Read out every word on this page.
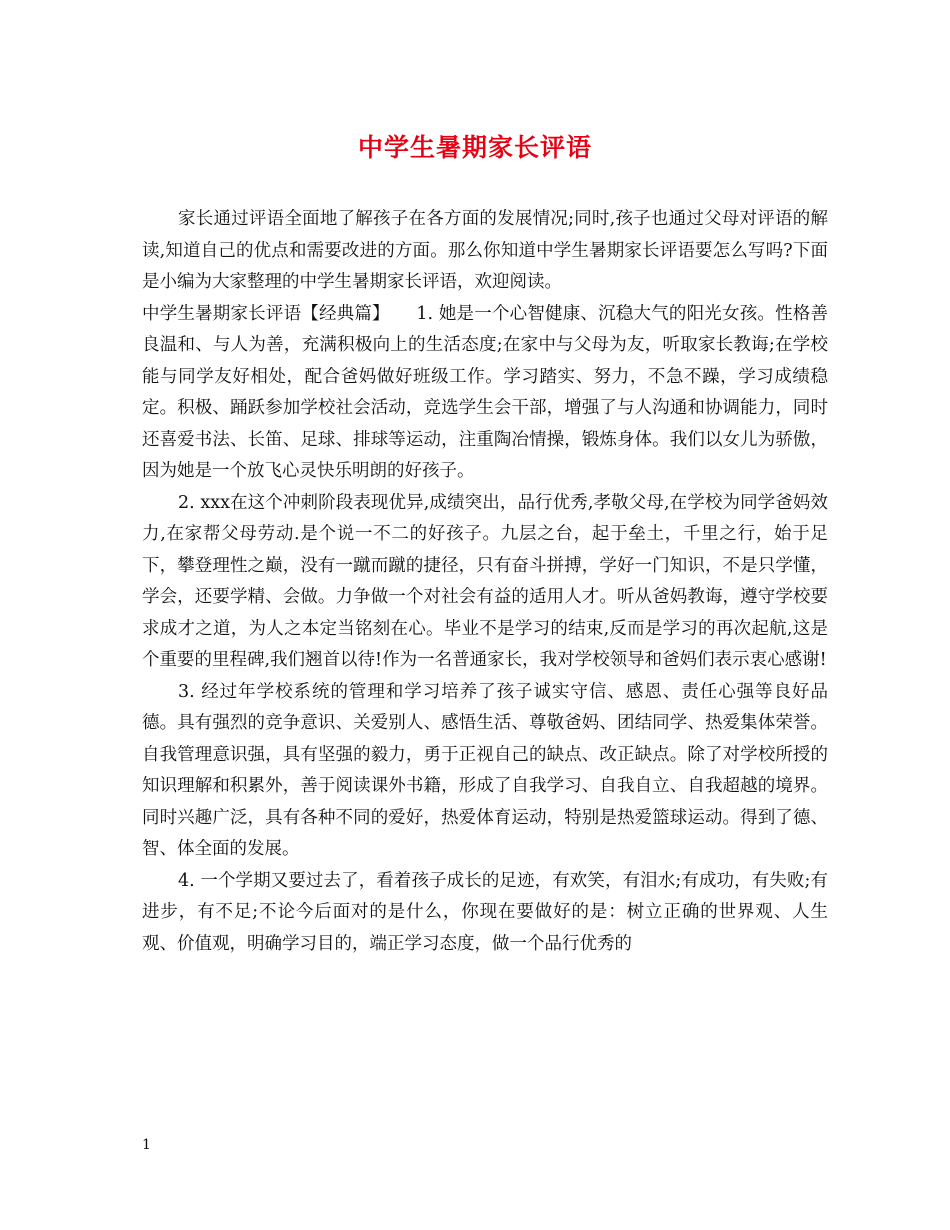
中学生暑期家长评语

家长通过评语全面地了解孩子在各方面的发展情况;同时,孩子也通过父母对评语的解读,知道自己的优点和需要改进的方面。那么你知道中学生暑期家长评语要怎么写吗?下面是小编为大家整理的中学生暑期家长评语，欢迎阅读。

中学生暑期家长评语【经典篇】　　1. 她是一个心智健康、沉稳大气的阳光女孩。性格善良温和、与人为善，充满积极向上的生活态度;在家中与父母为友，听取家长教诲;在学校能与同学友好相处，配合爸妈做好班级工作。学习踏实、努力，不急不躁，学习成绩稳定。积极、踊跃参加学校社会活动，竞选学生会干部，增强了与人沟通和协调能力，同时还喜爱书法、长笛、足球、排球等运动，注重陶冶情操，锻炼身体。我们以女儿为骄傲，因为她是一个放飞心灵快乐明朗的好孩子。

2. xxx在这个冲刺阶段表现优异,成绩突出，品行优秀,孝敬父母,在学校为同学爸妈效力,在家帮父母劳动.是个说一不二的好孩子。九层之台，起于垒土，千里之行，始于足下，攀登理性之巅，没有一蹴而蹴的捷径，只有奋斗拼搏，学好一门知识，不是只学懂，学会，还要学精、会做。力争做一个对社会有益的适用人才。听从爸妈教诲，遵守学校要求成才之道，为人之本定当铭刻在心。毕业不是学习的结束,反而是学习的再次起航,这是个重要的里程碑,我们翘首以待!作为一名普通家长，我对学校领导和爸妈们表示衷心感谢!

3. 经过年学校系统的管理和学习培养了孩子诚实守信、感恩、责任心强等良好品德。具有强烈的竞争意识、关爱别人、感悟生活、尊敬爸妈、团结同学、热爱集体荣誉。自我管理意识强，具有坚强的毅力，勇于正视自己的缺点、改正缺点。除了对学校所授的知识理解和积累外，善于阅读课外书籍，形成了自我学习、自我自立、自我超越的境界。同时兴趣广泛，具有各种不同的爱好，热爱体育运动，特别是热爱篮球运动。得到了德、智、体全面的发展。

4. 一个学期又要过去了，看着孩子成长的足迹，有欢笑，有泪水;有成功，有失败;有进步，有不足;不论今后面对的是什么，你现在要做好的是：树立正确的世界观、人生观、价值观，明确学习目的，端正学习态度，做一个品行优秀的

1
